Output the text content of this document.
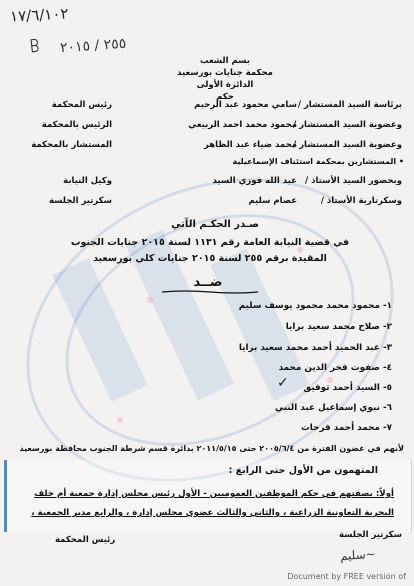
١٧/٦/١٠٢
ꕗ ٢٥٥ / ٢٠١٥
بسم الشعب
محكمة جنايات بورسعيد
الدائرة الأولى
حكم
برئاسة السيد المستشار /
سامي محمود عبد الرحيم
رئيس المحكمة
وعضوية السيد المستشار /
محمود محمد احمد الربيعي
الرئيس بالمحكمة
وعضوية السيد المستشار /
محمد ضياء عبد الظاهر
المستشار بالمحكمة
• المستشارين بمحكمة استئناف الإسماعيلية
وبحضور السيد الأستاذ /
عبد الله فوزي السيد
وكيل النيابة
وسكرتارية الأستاذ /
عصام سليم
سكرتير الجلسة
صـدر الحكـم الآتي
في قضية النيابة العامة رقم ١١٣١ لسنة ٢٠١٥ جنايات الجنوب
المقيدة برقم ٢٥٥ لسنة ٢٠١٥ جنايات كلي بورسعيد
ضــد
١- محمود محمد محمود يوسف سليم
٢- صلاح محمد سعيد برايا
٣- عبد الحميد أحمد محمد سعيد برايا
٤- صفوت فخر الدين محمد
٥- السيد أحمد توفيق
٦- نبوي إسماعيل عبد النبي
٧- محمد أحمد فرحات
✓
لأنهم في غضون الفترة من ٢٠٠٥/٦/٤ حتى ٢٠١١/٥/١٥ بدائرة قسم شرطة الجنوب محافظة بورسعيد
المتهمون من الأول حتى الرابع :
أولاً: بصفتهم في حكم الموظفين العموميين - الأول رئيس مجلس إدارة جمعية أم خلف
البحرية التعاونية الزراعية ، والثاني والثالث عضوي مجلس إدارة ، والرابع مدير الجمعية ،
رئيس المحكمة	سكرتير الجلسة
ﺳﻠﻴﻢ~
Document by FREE version of
